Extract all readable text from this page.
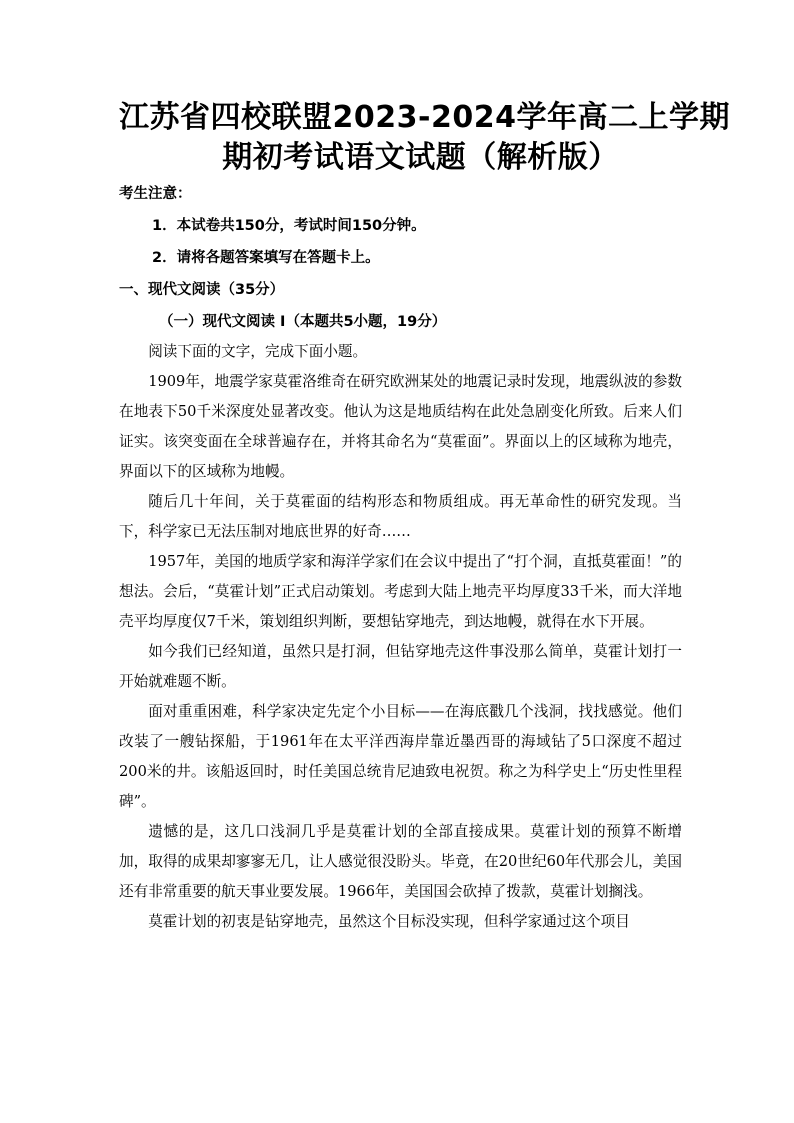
江苏省四校联盟2023-2024学年高二上学期
期初考试语文试题（解析版）
考生注意：
1．本试卷共150分，考试时间150分钟。
2．请将各题答案填写在答题卡上。
一、现代文阅读（35分）
（一）现代文阅读 I（本题共5小题，19分）

阅读下面的文字，完成下面小题。

1909年，地震学家莫霍洛维奇在研究欧洲某处的地震记录时发现，地震纵波的参数在地表下50千米深度处显著改变。他认为这是地质结构在此处急剧变化所致。后来人们证实。该突变面在全球普遍存在，并将其命名为“莫霍面”。界面以上的区域称为地壳，界面以下的区域称为地幔。

随后几十年间，关于莫霍面的结构形态和物质组成。再无革命性的研究发现。当下，科学家已无法压制对地底世界的好奇……

1957年，美国的地质学家和海洋学家们在会议中提出了“打个洞，直抵莫霍面！”的想法。会后，“莫霍计划”正式启动策划。考虑到大陆上地壳平均厚度33千米，而大洋地壳平均厚度仅7千米，策划组织判断，要想钻穿地壳，到达地幔，就得在水下开展。

如今我们已经知道，虽然只是打洞，但钻穿地壳这件事没那么简单，莫霍计划打一开始就难题不断。

面对重重困难，科学家决定先定个小目标——在海底戳几个浅洞，找找感觉。他们改装了一艘钻探船，于1961年在太平洋西海岸靠近墨西哥的海域钻了5口深度不超过200米的井。该船返回时，时任美国总统肯尼迪致电祝贺。称之为科学史上“历史性里程碑”。

遗憾的是，这几口浅洞几乎是莫霍计划的全部直接成果。莫霍计划的预算不断增加，取得的成果却寥寥无几，让人感觉很没盼头。毕竟，在20世纪60年代那会儿，美国还有非常重要的航天事业要发展。1966年，美国国会砍掉了拨款，莫霍计划搁浅。

莫霍计划的初衷是钻穿地壳，虽然这个目标没实现，但科学家通过这个项目
